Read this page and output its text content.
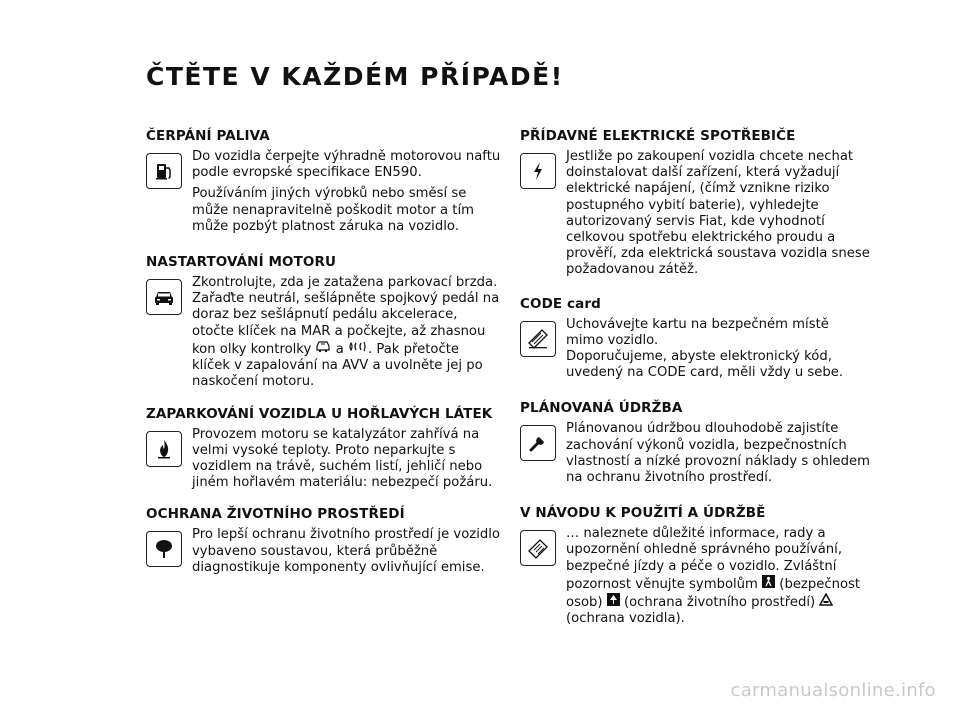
ČTĚTE V KAŽDÉM PŘÍPADĚ!
ČERPÁNÍ PALIVA

Do vozidla čerpejte výhradně motorovou naftu podle evropské specifikace EN590.

Používáním jiných výrobků nebo směsí se může nenapravitelně poškodit motor a tím může pozbýt platnost záruka na vozidlo.

NASTARTOVÁNÍ MOTORU

Zkontrolujte, zda je zatažena parkovací brzda. Zařaďte neutrál, sešlápněte spojkový pedál na doraz bez sešlápnutí pedálu akcelerace, otočte klíček na MAR a počkejte, až zhasnou kon olky kontrolky a . Pak přetočte klíček v zapalování na AVV a uvolněte jej po naskočení motoru.

ZAPARKOVÁNÍ VOZIDLA U HOŘLAVÝCH LÁTEK

Provozem motoru se katalyzátor zahřívá na velmi vysoké teploty. Proto neparkujte s vozidlem na trávě, suchém listí, jehličí nebo jiném hořlavém materiálu: nebezpečí požáru.

OCHRANA ŽIVOTNÍHO PROSTŘEDÍ

Pro lepší ochranu životního prostředí je vozidlo vybaveno soustavou, která průběžně diagnostikuje komponenty ovlivňující emise.

PŘÍDAVNÉ ELEKTRICKÉ SPOTŘEBIČE

Jestliže po zakoupení vozidla chcete nechat doinstalovat další zařízení, která vyžadují elektrické napájení, (čímž vznikne riziko postupného vybití baterie), vyhledejte autorizovaný servis Fiat, kde vyhodnotí celkovou spotřebu elektrického proudu a prověří, zda elektrická soustava vozidla snese požadovanou zátěž.

CODE card

Uchovávejte kartu na bezpečném místě mimo vozidlo.

Doporučujeme, abyste elektronický kód, uvedený na CODE card, měli vždy u sebe.

PLÁNOVANÁ ÚDRŽBA

Plánovanou údržbou dlouhodobě zajistíte zachování výkonů vozidla, bezpečnostních vlastností a nízké provozní náklady s ohledem na ochranu životního prostředí.

V NÁVODU K POUŽITÍ A ÚDRŽBĚ

… naleznete důležité informace, rady a upozornění ohledně správného používání, bezpečné jízdy a péče o vozidlo. Zvláštní pozornost věnujte symbolům (bezpečnost osob) (ochrana životního prostředí)  (ochrana vozidla).

carmanualsonline.info
